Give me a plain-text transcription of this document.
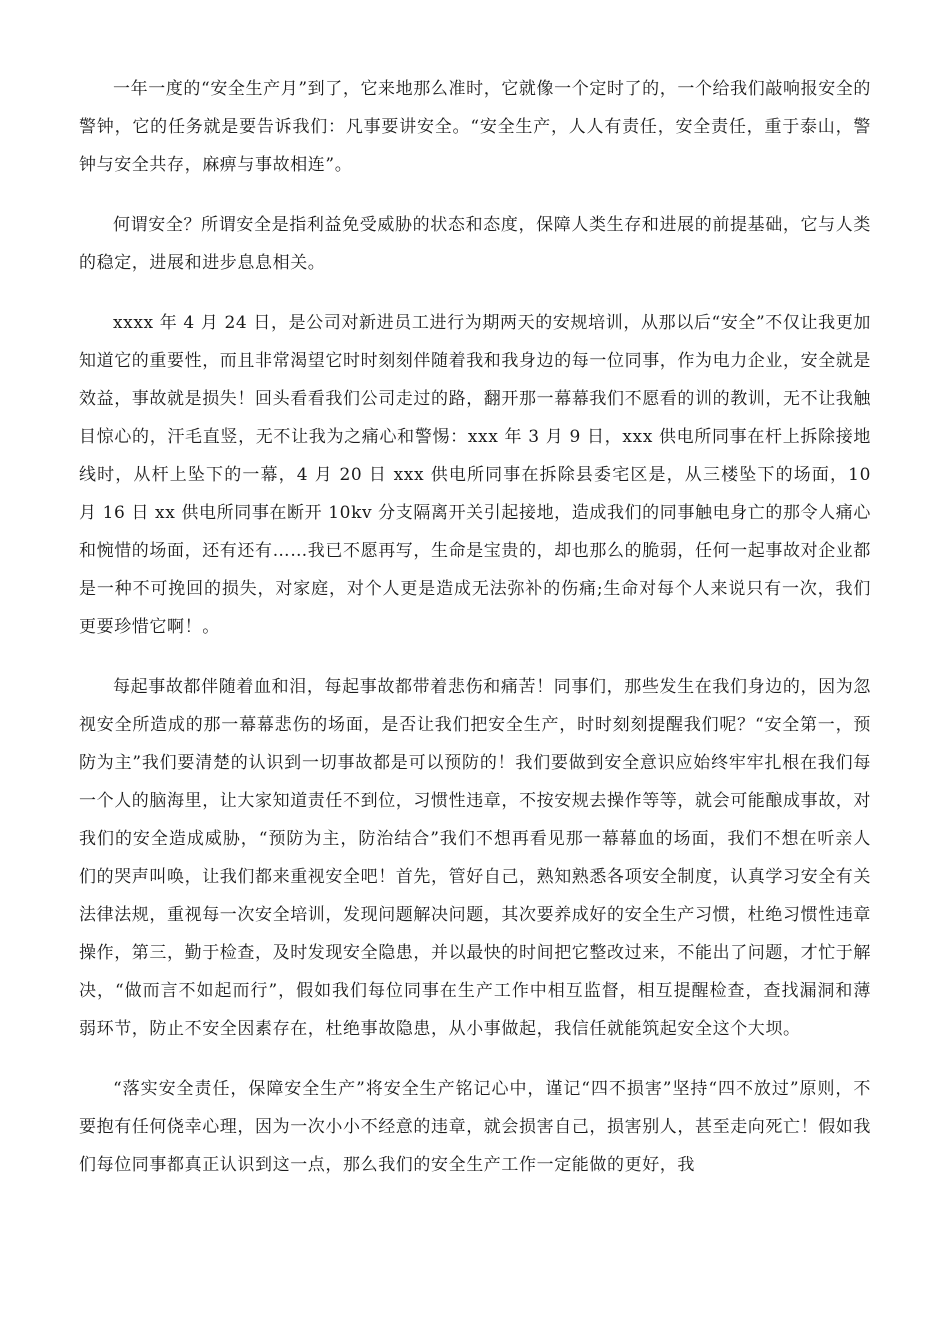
一年一度的“安全生产月”到了，它来地那么准时，它就像一个定时了的，一个给我们敲响报安全的警钟，它的任务就是要告诉我们：凡事要讲安全。“安全生产，人人有责任，安全责任，重于泰山，警钟与安全共存，麻痹与事故相连”。

何谓安全？所谓安全是指利益免受威胁的状态和态度，保障人类生存和进展的前提基础，它与人类的稳定，进展和进步息息相关。

xxxx 年 4 月 24 日，是公司对新进员工进行为期两天的安规培训，从那以后“安全”不仅让我更加知道它的重要性，而且非常渴望它时时刻刻伴随着我和我身边的每一位同事，作为电力企业，安全就是效益，事故就是损失！回头看看我们公司走过的路，翻开那一幕幕我们不愿看的训的教训，无不让我触目惊心的，汗毛直竖，无不让我为之痛心和警惕：xxx 年 3 月 9 日，xxx 供电所同事在杆上拆除接地线时，从杆上坠下的一幕，4 月 20 日 xxx 供电所同事在拆除县委宅区是，从三楼坠下的场面，10 月 16 日 xx 供电所同事在断开 10kv 分支隔离开关引起接地，造成我们的同事触电身亡的那令人痛心和惋惜的场面，还有还有……我已不愿再写，生命是宝贵的，却也那么的脆弱，任何一起事故对企业都是一种不可挽回的损失，对家庭，对个人更是造成无法弥补的伤痛;生命对每个人来说只有一次，我们更要珍惜它啊！。

每起事故都伴随着血和泪，每起事故都带着悲伤和痛苦！同事们，那些发生在我们身边的，因为忽视安全所造成的那一幕幕悲伤的场面，是否让我们把安全生产，时时刻刻提醒我们呢？“安全第一，预防为主”我们要清楚的认识到一切事故都是可以预防的！我们要做到安全意识应始终牢牢扎根在我们每一个人的脑海里，让大家知道责任不到位，习惯性违章，不按安规去操作等等，就会可能酿成事故，对我们的安全造成威胁，“预防为主，防治结合”我们不想再看见那一幕幕血的场面，我们不想在听亲人们的哭声叫唤，让我们都来重视安全吧！首先，管好自己，熟知熟悉各项安全制度，认真学习安全有关法律法规，重视每一次安全培训，发现问题解决问题，其次要养成好的安全生产习惯，杜绝习惯性违章操作，第三，勤于检查，及时发现安全隐患，并以最快的时间把它整改过来，不能出了问题，才忙于解决，“做而言不如起而行”，假如我们每位同事在生产工作中相互监督，相互提醒检查，查找漏洞和薄弱环节，防止不安全因素存在，杜绝事故隐患，从小事做起，我信任就能筑起安全这个大坝。

“落实安全责任，保障安全生产”将安全生产铭记心中，谨记“四不损害”坚持“四不放过”原则，不要抱有任何侥幸心理，因为一次小小不经意的违章，就会损害自己，损害别人，甚至走向死亡！假如我们每位同事都真正认识到这一点，那么我们的安全生产工作一定能做的更好，我
